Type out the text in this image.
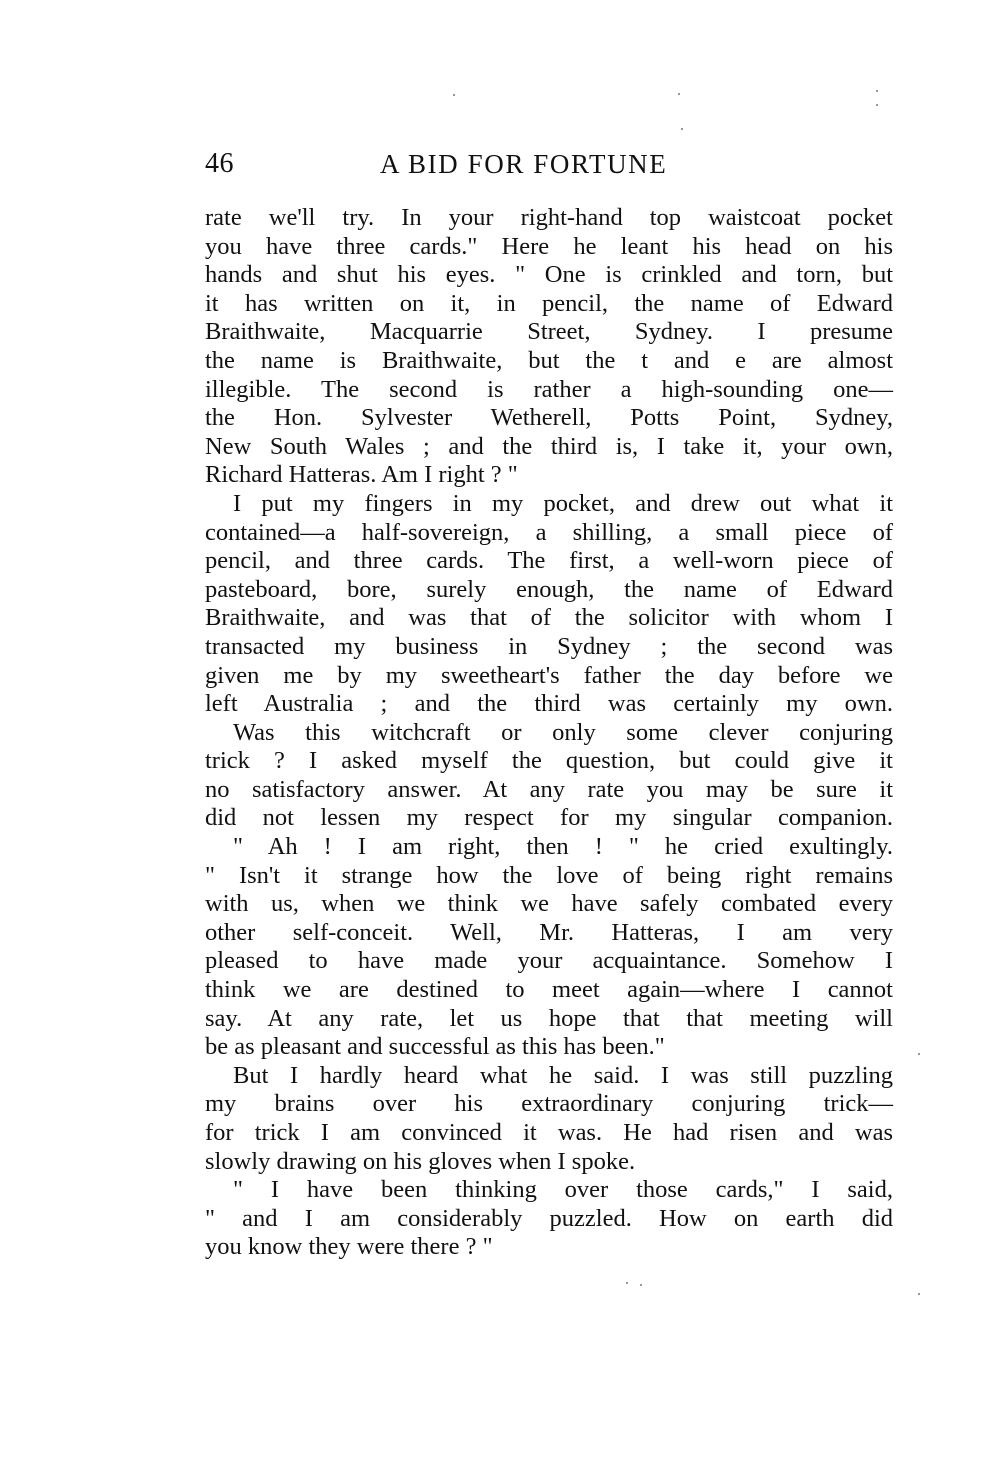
46	A BID FOR FORTUNE
rate we'll try. In your right-hand top waistcoat pocket
you have three cards." Here he leant his head on his
hands and shut his eyes. " One is crinkled and torn, but
it has written on it, in pencil, the name of Edward
Braithwaite, Macquarrie Street, Sydney. I presume
the name is Braithwaite, but the t and e are almost
illegible. The second is rather a high-sounding one—
the Hon. Sylvester Wetherell, Potts Point, Sydney,
New South Wales ; and the third is, I take it, your own,
Richard Hatteras. Am I right ? "
I put my fingers in my pocket, and drew out what it
contained—a half-sovereign, a shilling, a small piece of
pencil, and three cards. The first, a well-worn piece of
pasteboard, bore, surely enough, the name of Edward
Braithwaite, and was that of the solicitor with whom I
transacted my business in Sydney ; the second was
given me by my sweetheart's father the day before we
left Australia ; and the third was certainly my own.
Was this witchcraft or only some clever conjuring
trick ? I asked myself the question, but could give it
no satisfactory answer. At any rate you may be sure it
did not lessen my respect for my singular companion.
" Ah ! I am right, then ! " he cried exultingly.
" Isn't it strange how the love of being right remains
with us, when we think we have safely combated every
other self-conceit. Well, Mr. Hatteras, I am very
pleased to have made your acquaintance. Somehow I
think we are destined to meet again—where I cannot
say. At any rate, let us hope that that meeting will
be as pleasant and successful as this has been."
But I hardly heard what he said. I was still puzzling
my brains over his extraordinary conjuring trick—
for trick I am convinced it was. He had risen and was
slowly drawing on his gloves when I spoke.
" I have been thinking over those cards," I said,
" and I am considerably puzzled. How on earth did
you know they were there ? "
